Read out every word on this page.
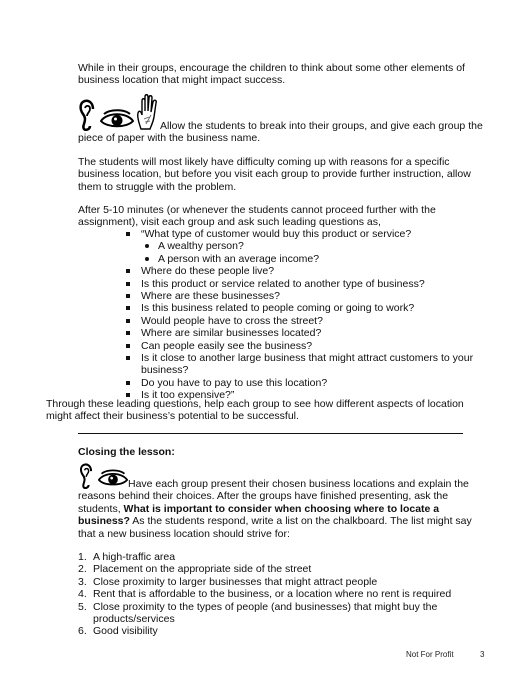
While in their groups, encourage the children to think about some other elements of business location that might impact success.

Allow the students to break into their groups, and give each group the piece of paper with the business name.

The students will most likely have difficulty coming up with reasons for a specific business location, but before you visit each group to provide further instruction, allow them to struggle with the problem.

After 5-10 minutes (or whenever the students cannot proceed further with the assignment), visit each group and ask such leading questions as,

“What type of customer would buy this product or service?
A wealthy person?
A person with an average income?
Where do these people live?
Is this product or service related to another type of business?
Where are these businesses?
Is this business related to people coming or going to work?
Would people have to cross the street?
Where are similar businesses located?
Can people easily see the business?
Is it close to another large business that might attract customers to your business?
Do you have to pay to use this location?
Is it too expensive?”

Through these leading questions, help each group to see how different aspects of location might affect their business’s potential to be successful.

Closing the lesson:

Have each group present their chosen business locations and explain the reasons behind their choices. After the groups have finished presenting, ask the students, What is important to consider when choosing where to locate a business? As the students respond, write a list on the chalkboard. The list might say that a new business location should strive for:

1. A high-traffic area
2. Placement on the appropriate side of the street
3. Close proximity to larger businesses that might attract people
4. Rent that is affordable to the business, or a location where no rent is required
5. Close proximity to the types of people (and businesses) that might buy the products/services
6. Good visibility
Not For Profit	3
